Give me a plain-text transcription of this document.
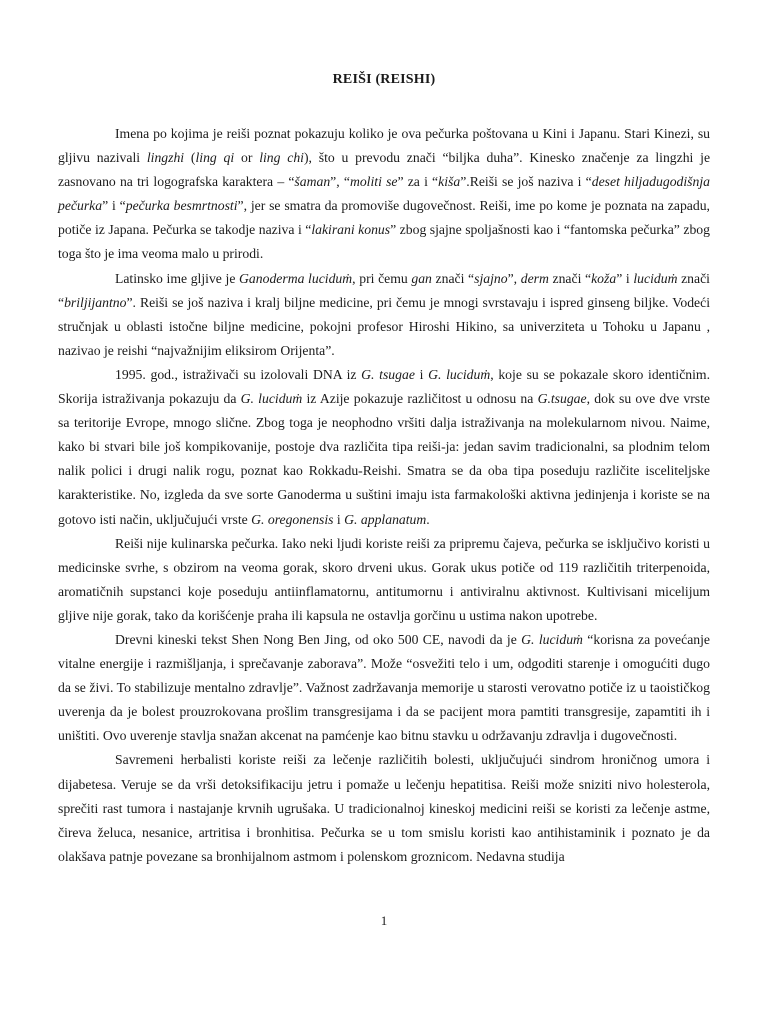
REIŠI (REISHI)

Imena po kojima je reiši poznat pokazuju koliko je ova pečurka poštovana u Kini i Japanu. Stari Kinezi, su gljivu nazivali lingzhi (ling qi or ling chi), što u prevodu znači “biljka duha”. Kinesko značenje za lingzhi je zasnovano na tri logografska karaktera – “šaman”, “moliti se” za i “kiša”.Reiši se još naziva i “deset hiljadugodišnja pečurka” i “pečurka besmrtnosti”, jer se smatra da promoviše dugovečnost. Reiši, ime po kome je poznata na zapadu, potiče iz Japana. Pečurka se takodje naziva i “lakirani konus” zbog sjajne spoljašnosti kao i “fantomska pečurka” zbog toga što je ima veoma malo u prirodi.

Latinsko ime gljive je Ganoderma luciduṁ, pri čemu gan znači “sjajno”, derm znači “koža” i luciduṁ znači “briljijantno”. Reiši se još naziva i kralj biljne medicine, pri čemu je mnogi svrstavaju i ispred ginseng biljke. Vodeći stručnjak u oblasti istočne biljne medicine, pokojni profesor Hiroshi Hikino, sa univerziteta u Tohoku u Japanu , nazivao je reishi “najvažnijim eliksirom Orijenta”.

1995. god., istraživači su izolovali DNA iz G. tsugae i G. luciduṁ, koje su se pokazale skoro identičnim. Skorija istraživanja pokazuju da G. luciduṁ iz Azije pokazuje različitost u odnosu na G.tsugae, dok su ove dve vrste sa teritorije Evrope, mnogo slične. Zbog toga je neophodno vršiti dalja istraživanja na molekularnom nivou. Naime, kako bi stvari bile još kompikovanije, postoje dva različita tipa reiši-ja: jedan savim tradicionalni, sa plodnim telom nalik polici i drugi nalik rogu, poznat kao Rokkadu-Reishi. Smatra se da oba tipa poseduju različite isceliteljske karakteristike. No, izgleda da sve sorte Ganoderma u suštini imaju ista farmakološki aktivna jedinjenja i koriste se na gotovo isti način, uključujući vrste G. oregonensis i G. applanatum.

Reiši nije kulinarska pečurka. Iako neki ljudi koriste reiši za pripremu čajeva, pečurka se isključivo koristi u medicinske svrhe, s obzirom na veoma gorak, skoro drveni ukus. Gorak ukus potiče od 119 različitih triterpenoida, aromatičnih supstanci koje poseduju antiinflamatornu, antitumornu i antiviralnu aktivnost. Kultivisani micelijum gljive nije gorak, tako da korišćenje praha ili kapsula ne ostavlja gorčinu u ustima nakon upotrebe.

Drevni kineski tekst Shen Nong Ben Jing, od oko 500 CE, navodi da je G. luciduṁ “korisna za povećanje vitalne energije i razmišljanja, i sprečavanje zaborava”. Može “osvežiti telo i um, odgoditi starenje i omogućiti dugo da se živi. To stabilizuje mentalno zdravlje”. Važnost zadržavanja memorije u starosti verovatno potiče iz u taoističkog uverenja da je bolest prouzrokovana prošlim transgresijama i da se pacijent mora pamtiti transgresije, zapamtiti ih i uništiti. Ovo uverenje stavlja snažan akcenat na pamćenje kao bitnu stavku u održavanju zdravlja i dugovečnosti.

Savremeni herbalisti koriste reiši za lečenje različitih bolesti, uključujući sindrom hroničnog umora i dijabetesa. Veruje se da vrši detoksifikaciju jetru i pomaže u lečenju hepatitisa. Reiši može sniziti nivo holesterola, sprečiti rast tumora i nastajanje krvnih ugrušaka. U tradicionalnoj kineskoj medicini reiši se koristi za lečenje astme, čireva želuca, nesanice, artritisa i bronhitisa. Pečurka se u tom smislu koristi kao antihistaminik i poznato je da olakšava patnje povezane sa bronhijalnom astmom i polenskom groznicom. Nedavna studija

1
